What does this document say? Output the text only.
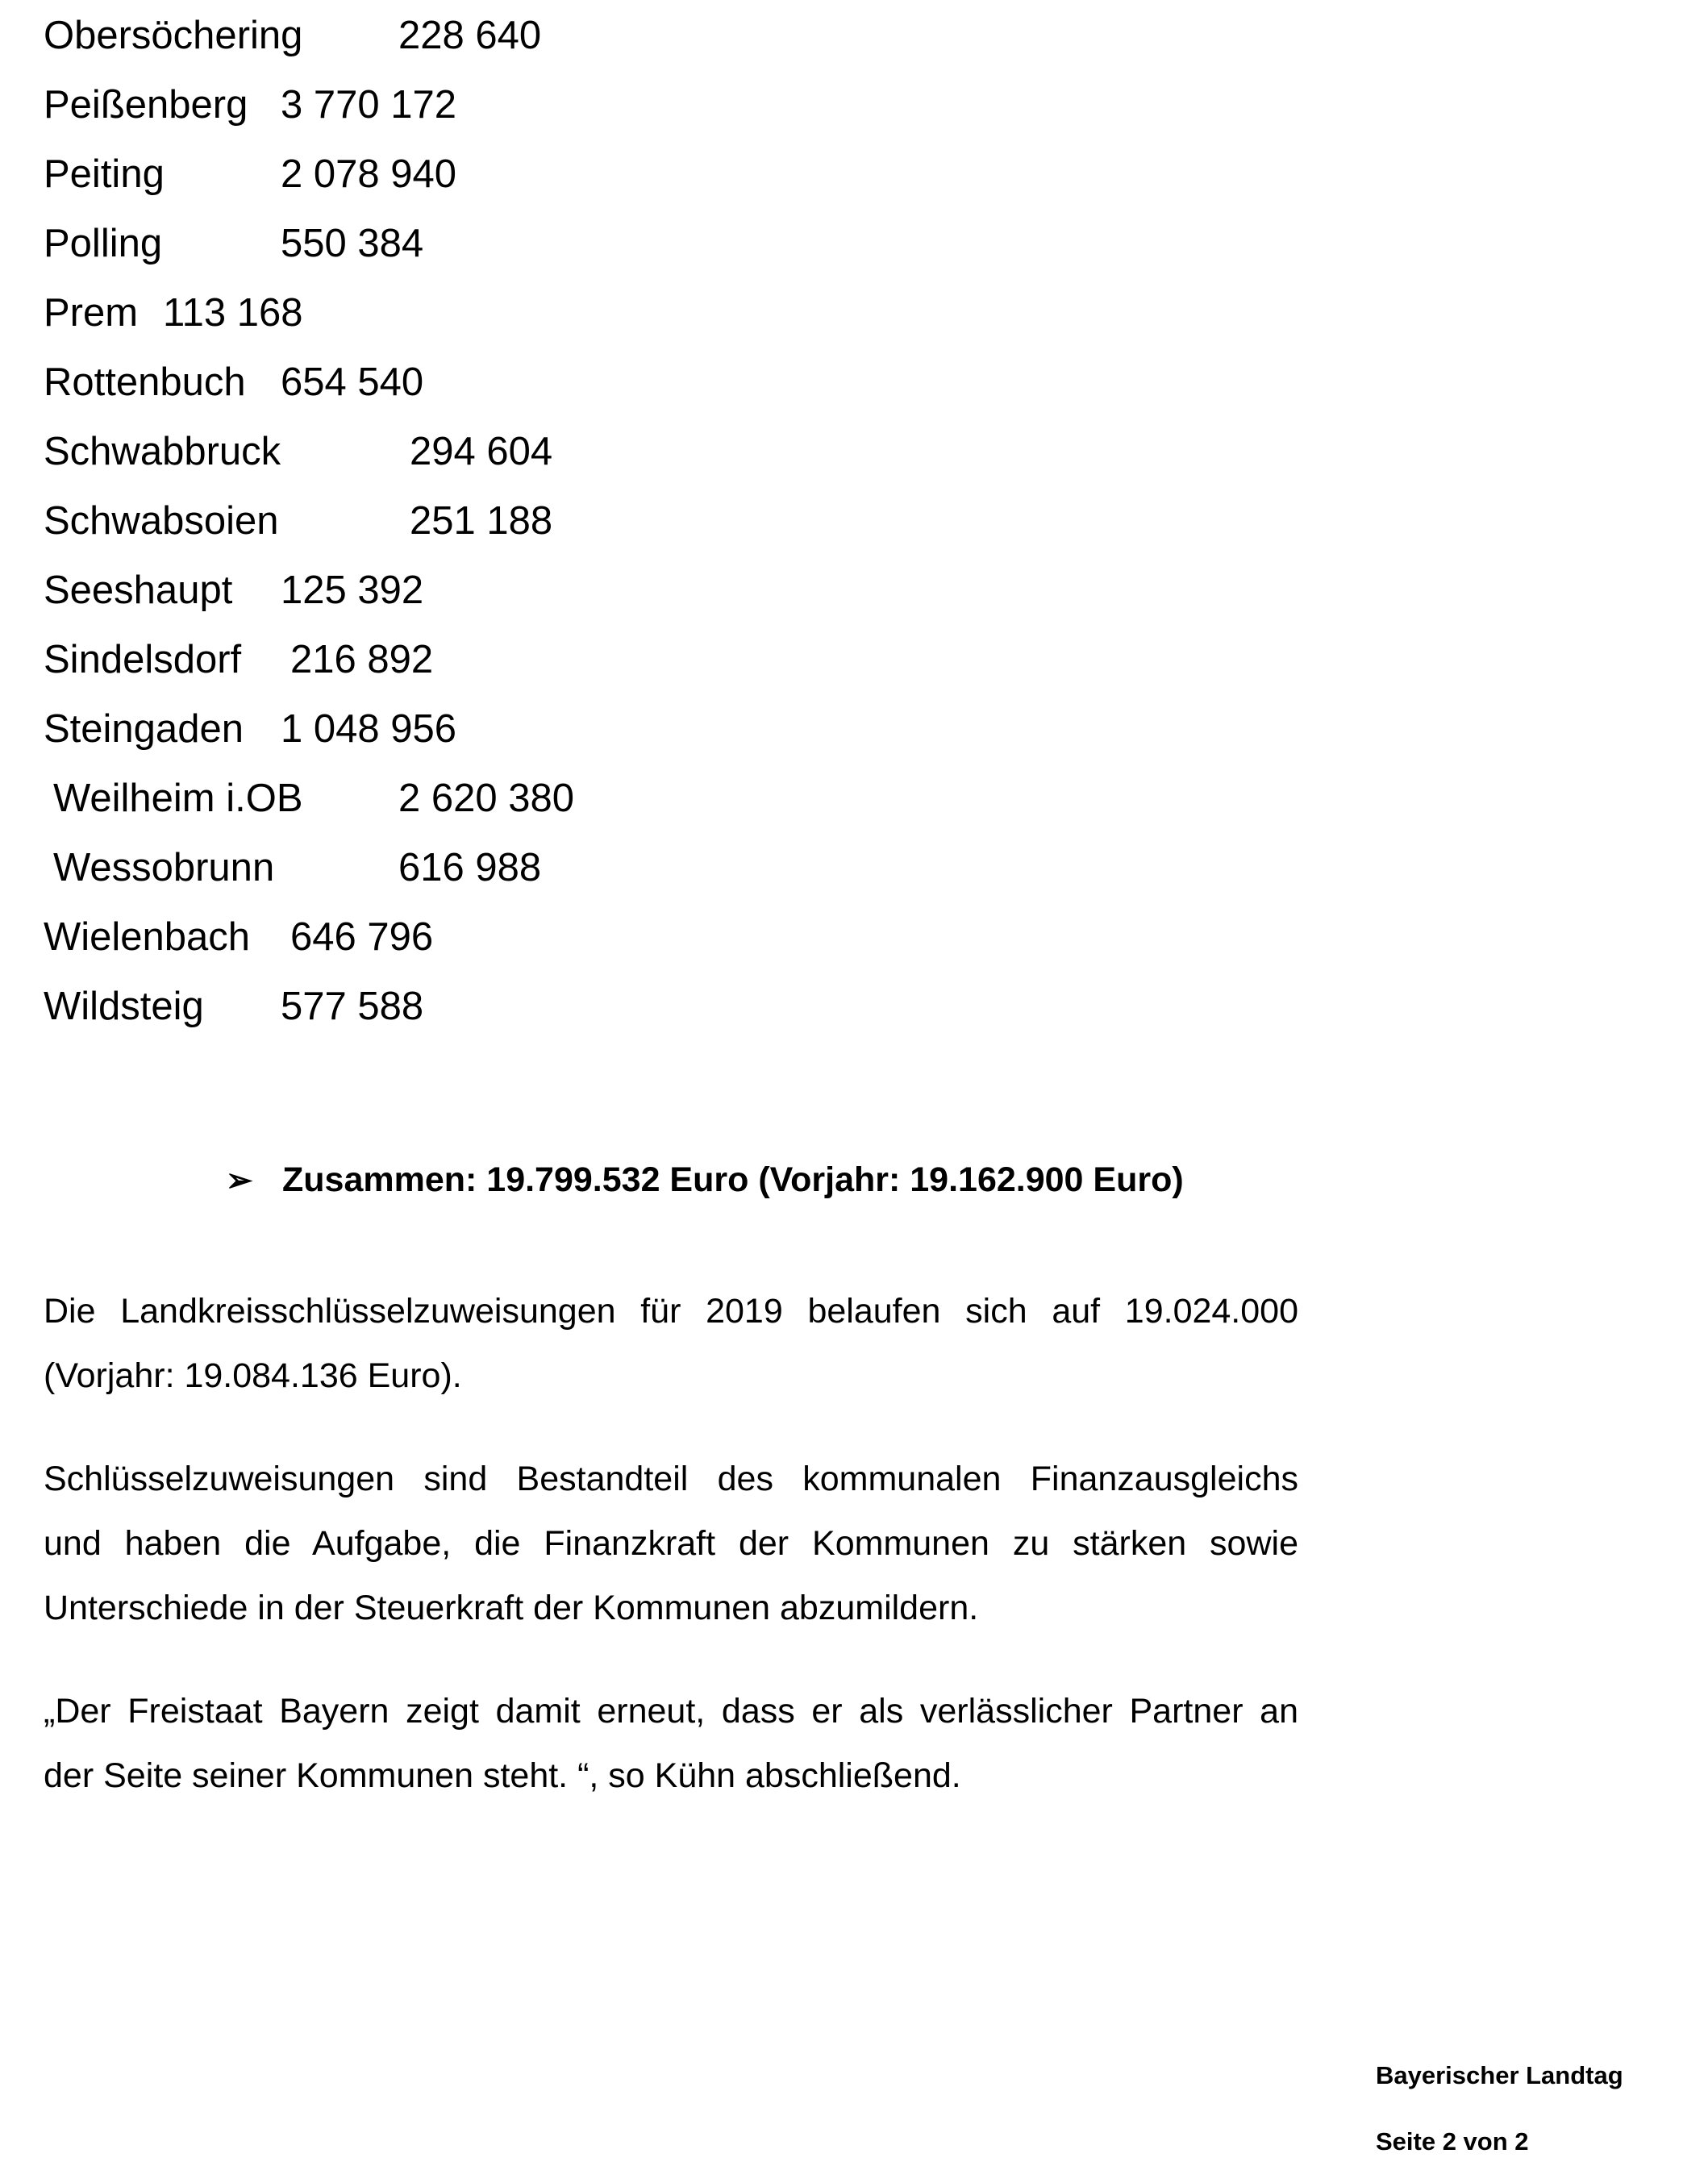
Obersöchering 228 640
Peißenberg 3 770 172
Peiting	2 078 940
Polling	550 384
Prem 113 168
Rottenbuch 654 540
Schwabbruck	294 604
Schwabsoien	251 188
Seeshaupt 125 392
Sindelsdorf 216 892
Steingaden 1 048 956
Weilheim i.OB 2 620 380
Wessobrunn	616 988
Wielenbach 646 796
Wildsteig 577 588
➢ Zusammen: 19.799.532 Euro (Vorjahr: 19.162.900 Euro)
Die Landkreisschlüsselzuweisungen für 2019 belaufen sich auf 19.024.000
(Vorjahr: 19.084.136 Euro).
Schlüsselzuweisungen sind Bestandteil des kommunalen Finanzausgleichs
und haben die Aufgabe, die Finanzkraft der Kommunen zu stärken sowie
Unterschiede in der Steuerkraft der Kommunen abzumildern.
„Der Freistaat Bayern zeigt damit erneut, dass er als verlässlicher Partner an
der Seite seiner Kommunen steht. “, so Kühn abschließend.
Bayerischer Landtag
Seite 2 von 2
